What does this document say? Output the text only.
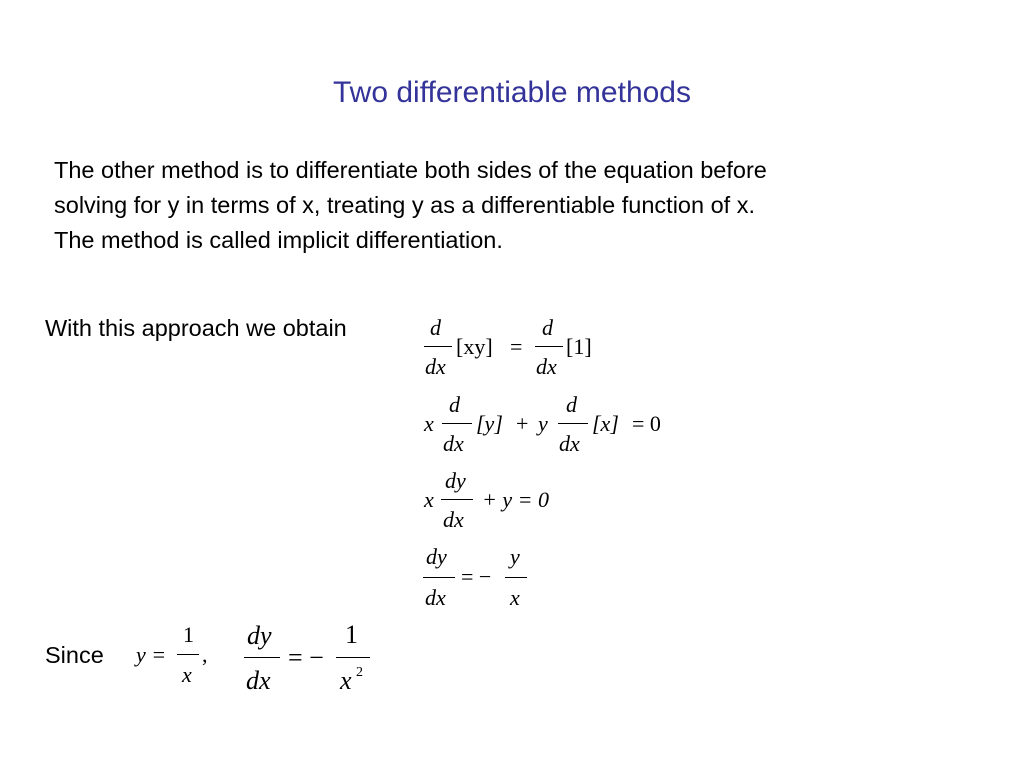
Two differentiable methods
The other method is to differentiate both sides of the equation before
solving for y in terms of x, treating y as a differentiable function of x.
The method is called implicit differentiation.
With this approach we obtain	d
dx
[xy] =
d
dx
[1]
x
d
dx
[y] + y
d
dx
[x] = 0
x
dy
dx
+ y = 0
dy
dx
= −
y
x
Since y =
1
x
,
dy
dx
= −
1
x 2
